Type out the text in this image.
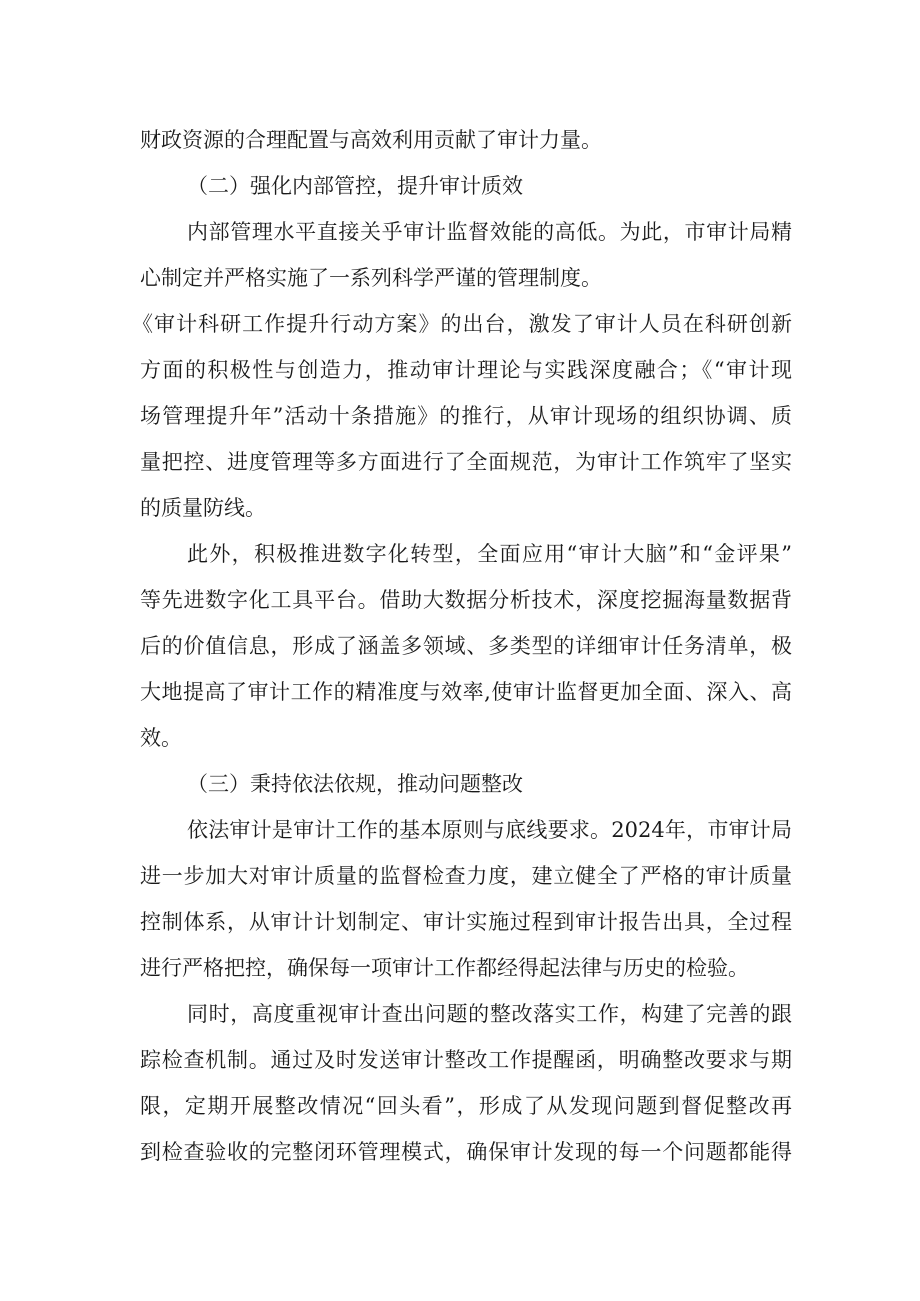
财政资源的合理配置与高效利用贡献了审计力量。
（二）强化内部管控，提升审计质效
内部管理水平直接关乎审计监督效能的高低。为此，市审计局精
心制定并严格实施了一系列科学严谨的管理制度。
《审计科研工作提升行动方案》的出台，激发了审计人员在科研创新
方面的积极性与创造力，推动审计理论与实践深度融合；《“审计现
场管理提升年”活动十条措施》的推行，从审计现场的组织协调、质
量把控、进度管理等多方面进行了全面规范，为审计工作筑牢了坚实
的质量防线。
此外，积极推进数字化转型，全面应用“审计大脑”和“金评果”
等先进数字化工具平台。借助大数据分析技术，深度挖掘海量数据背
后的价值信息，形成了涵盖多领域、多类型的详细审计任务清单，极
大地提高了审计工作的精准度与效率,使审计监督更加全面、深入、高
效。
（三）秉持依法依规，推动问题整改
依法审计是审计工作的基本原则与底线要求。2024年，市审计局
进一步加大对审计质量的监督检查力度，建立健全了严格的审计质量
控制体系，从审计计划制定、审计实施过程到审计报告出具，全过程
进行严格把控，确保每一项审计工作都经得起法律与历史的检验。
同时，高度重视审计查出问题的整改落实工作，构建了完善的跟
踪检查机制。通过及时发送审计整改工作提醒函，明确整改要求与期
限，定期开展整改情况“回头看”，形成了从发现问题到督促整改再
到检查验收的完整闭环管理模式，确保审计发现的每一个问题都能得
